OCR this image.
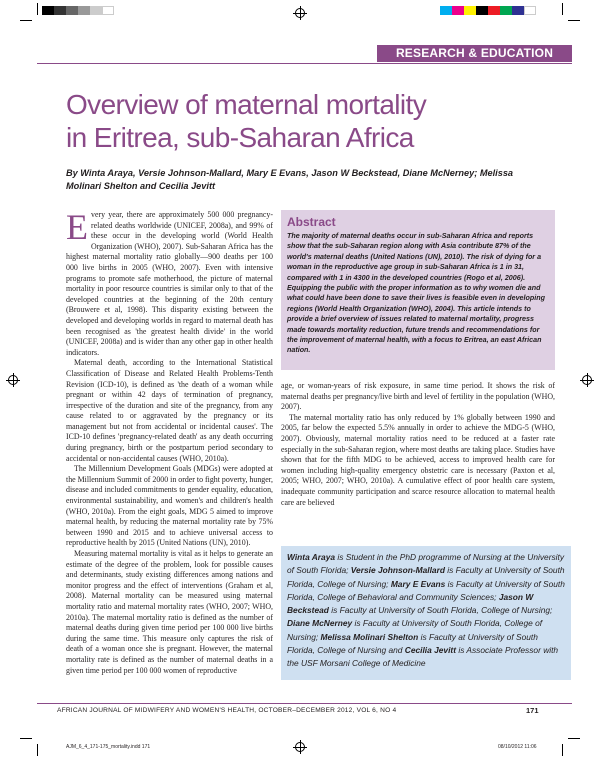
RESEARCH & EDUCATION
Overview of maternal mortality
in Eritrea, sub-Saharan Africa
By Winta Araya, Versie Johnson-Mallard, Mary E Evans, Jason W Beckstead, Diane McNerney; Melissa
Molinari Shelton and Cecilia Jevitt

Every year, there are approximately 500 000 pregnancy-related deaths worldwide (UNICEF, 2008a), and 99% of these occur in the developing world (World Health Organization (WHO), 2007). Sub-Saharan Africa has the highest maternal mortality ratio globally—900 deaths per 100 000 live births in 2005 (WHO, 2007). Even with intensive programs to promote safe motherhood, the picture of maternal mortality in poor resource countries is similar only to that of the developed countries at the beginning of the 20th century (Brouwere et al, 1998). This disparity existing between the developed and developing worlds in regard to maternal death has been recognised as 'the greatest health divide' in the world (UNICEF, 2008a) and is wider than any other gap in other health indicators.

Maternal death, according to the International Statistical Classification of Disease and Related Health Problems-Tenth Revision (ICD-10), is defined as 'the death of a woman while pregnant or within 42 days of termination of pregnancy, irrespective of the duration and site of the pregnancy, from any cause related to or aggravated by the pregnancy or its management but not from accidental or incidental causes'. The ICD-10 defines 'pregnancy-related death' as any death occurring during pregnancy, birth or the postpartum period secondary to accidental or non-accidental causes (WHO, 2010a).

The Millennium Development Goals (MDGs) were adopted at the Millennium Summit of 2000 in order to fight poverty, hunger, disease and included commitments to gender equality, education, environmental sustainability, and women's and children's health (WHO, 2010a). From the eight goals, MDG 5 aimed to improve maternal health, by reducing the maternal mortality rate by 75% between 1990 and 2015 and to achieve universal access to reproductive health by 2015 (United Nations (UN), 2010).

Measuring maternal mortality is vital as it helps to generate an estimate of the degree of the problem, look for possible causes and determinants, study existing differences among nations and monitor progress and the effect of interventions (Graham et al, 2008). Maternal mortality can be measured using maternal mortality ratio and maternal mortality rates (WHO, 2007; WHO, 2010a). The maternal mortality ratio is defined as the number of maternal deaths during given time period per 100 000 live births during the same time. This measure only captures the risk of death of a woman once she is pregnant. However, the maternal mortality rate is defined as the number of maternal deaths in a given time period per 100 000 women of reproductive

Abstract
The majority of maternal deaths occur in sub-Saharan Africa and reports show that the sub-Saharan region along with Asia contribute 87% of the world's maternal deaths (United Nations (UN), 2010). The risk of dying for a woman in the reproductive age group in sub-Saharan Africa is 1 in 31, compared with 1 in 4300 in the developed countries (Rogo et al, 2006). Equipping the public with the proper information as to why women die and what could have been done to save their lives is feasible even in developing regions (World Health Organization (WHO), 2004). This article intends to provide a brief overview of issues related to maternal mortality, progress made towards mortality reduction, future trends and recommendations for the improvement of maternal health, with a focus to Eritrea, an east African nation.

age, or woman-years of risk exposure, in same time period. It shows the risk of maternal deaths per pregnancy/live birth and level of fertility in the population (WHO, 2007).

The maternal mortality ratio has only reduced by 1% globally between 1990 and 2005, far below the expected 5.5% annually in order to achieve the MDG-5 (WHO, 2007). Obviously, maternal mortality ratios need to be reduced at a faster rate especially in the sub-Saharan region, where most deaths are taking place. Studies have shown that for the fifth MDG to be achieved, access to improved health care for women including high-quality emergency obstetric care is necessary (Paxton et al, 2005; WHO, 2007; WHO, 2010a). A cumulative effect of poor health care system, inadequate community participation and scarce resource allocation to maternal health care are believed

Winta Araya is Student in the PhD programme of Nursing at the University of South Florida; Versie Johnson-Mallard is Faculty at University of South Florida, College of Nursing; Mary E Evans is Faculty at University of South Florida, College of Behavioral and Community Sciences; Jason W Beckstead is Faculty at University of South Florida, College of Nursing; Diane McNerney is Faculty at University of South Florida, College of Nursing; Melissa Molinari Shelton is Faculty at University of South Florida, College of Nursing and Cecilia Jevitt is Associate Professor with the USF Morsani College of Medicine
AFRICAN JOURNAL OF MIDWIFERY AND WOMEN'S HEALTH, OCTOBER–DECEMBER 2012, VOL 6, NO 4	171
AJM_6_4_171-175_mortality.indd 171	08/10/2012 11:06
